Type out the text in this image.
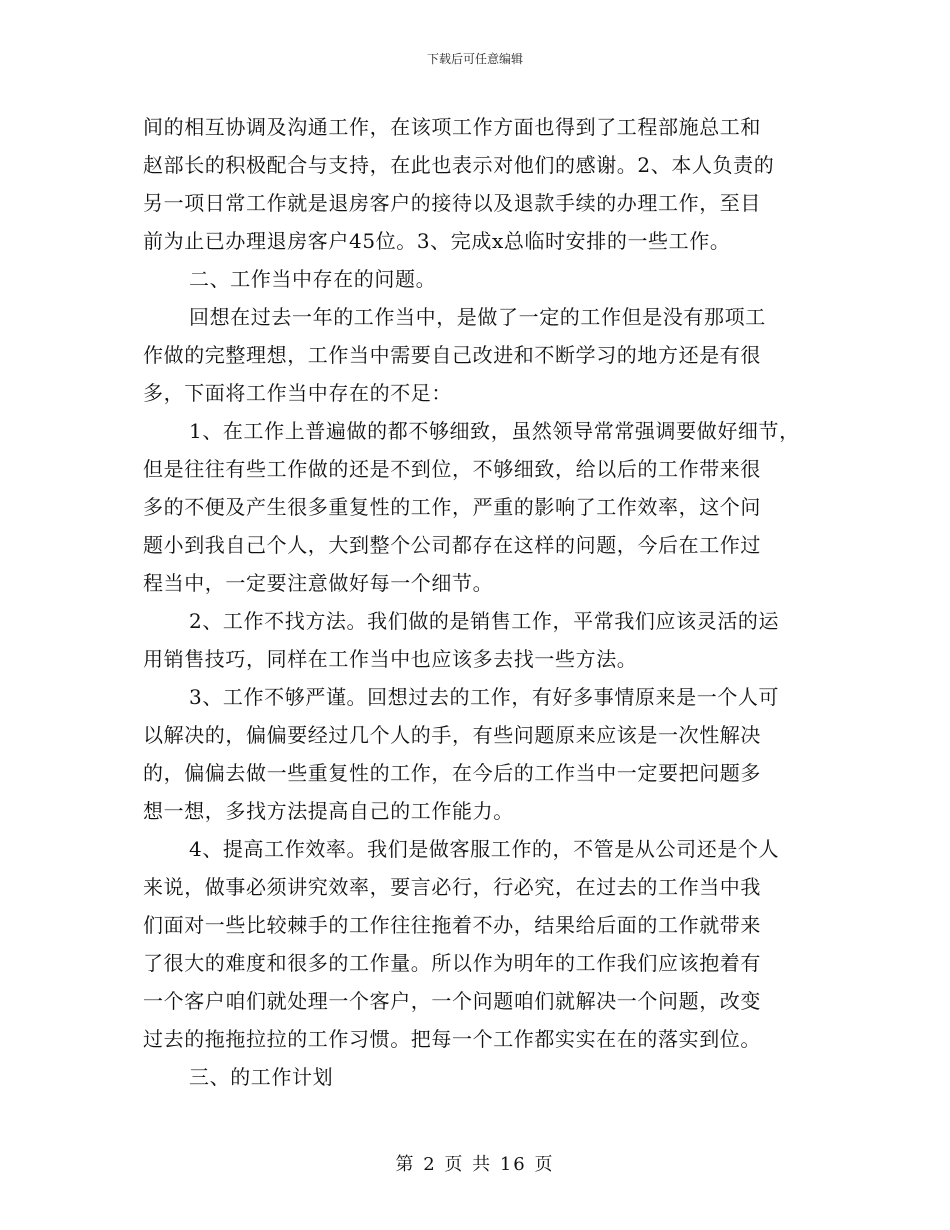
下载后可任意编辑
间的相互协调及沟通工作，在该项工作方面也得到了工程部施总工和
赵部长的积极配合与支持，在此也表示对他们的感谢。2、本人负责的
另一项日常工作就是退房客户的接待以及退款手续的办理工作，至目
前为止已办理退房客户45位。3、完成x总临时安排的一些工作。
二、工作当中存在的问题。
回想在过去一年的工作当中，是做了一定的工作但是没有那项工
作做的完整理想，工作当中需要自己改进和不断学习的地方还是有很
多，下面将工作当中存在的不足：
1、在工作上普遍做的都不够细致，虽然领导常常强调要做好细节，
但是往往有些工作做的还是不到位，不够细致，给以后的工作带来很
多的不便及产生很多重复性的工作，严重的影响了工作效率，这个问
题小到我自己个人，大到整个公司都存在这样的问题，今后在工作过
程当中，一定要注意做好每一个细节。
2、工作不找方法。我们做的是销售工作，平常我们应该灵活的运
用销售技巧，同样在工作当中也应该多去找一些方法。
3、工作不够严谨。回想过去的工作，有好多事情原来是一个人可
以解决的，偏偏要经过几个人的手，有些问题原来应该是一次性解决
的，偏偏去做一些重复性的工作，在今后的工作当中一定要把问题多
想一想，多找方法提高自己的工作能力。
4、提高工作效率。我们是做客服工作的，不管是从公司还是个人
来说，做事必须讲究效率，要言必行，行必究，在过去的工作当中我
们面对一些比较棘手的工作往往拖着不办，结果给后面的工作就带来
了很大的难度和很多的工作量。所以作为明年的工作我们应该抱着有
一个客户咱们就处理一个客户，一个问题咱们就解决一个问题，改变
过去的拖拖拉拉的工作习惯。把每一个工作都实实在在的落实到位。
三、的工作计划
第 2 页 共 16 页
